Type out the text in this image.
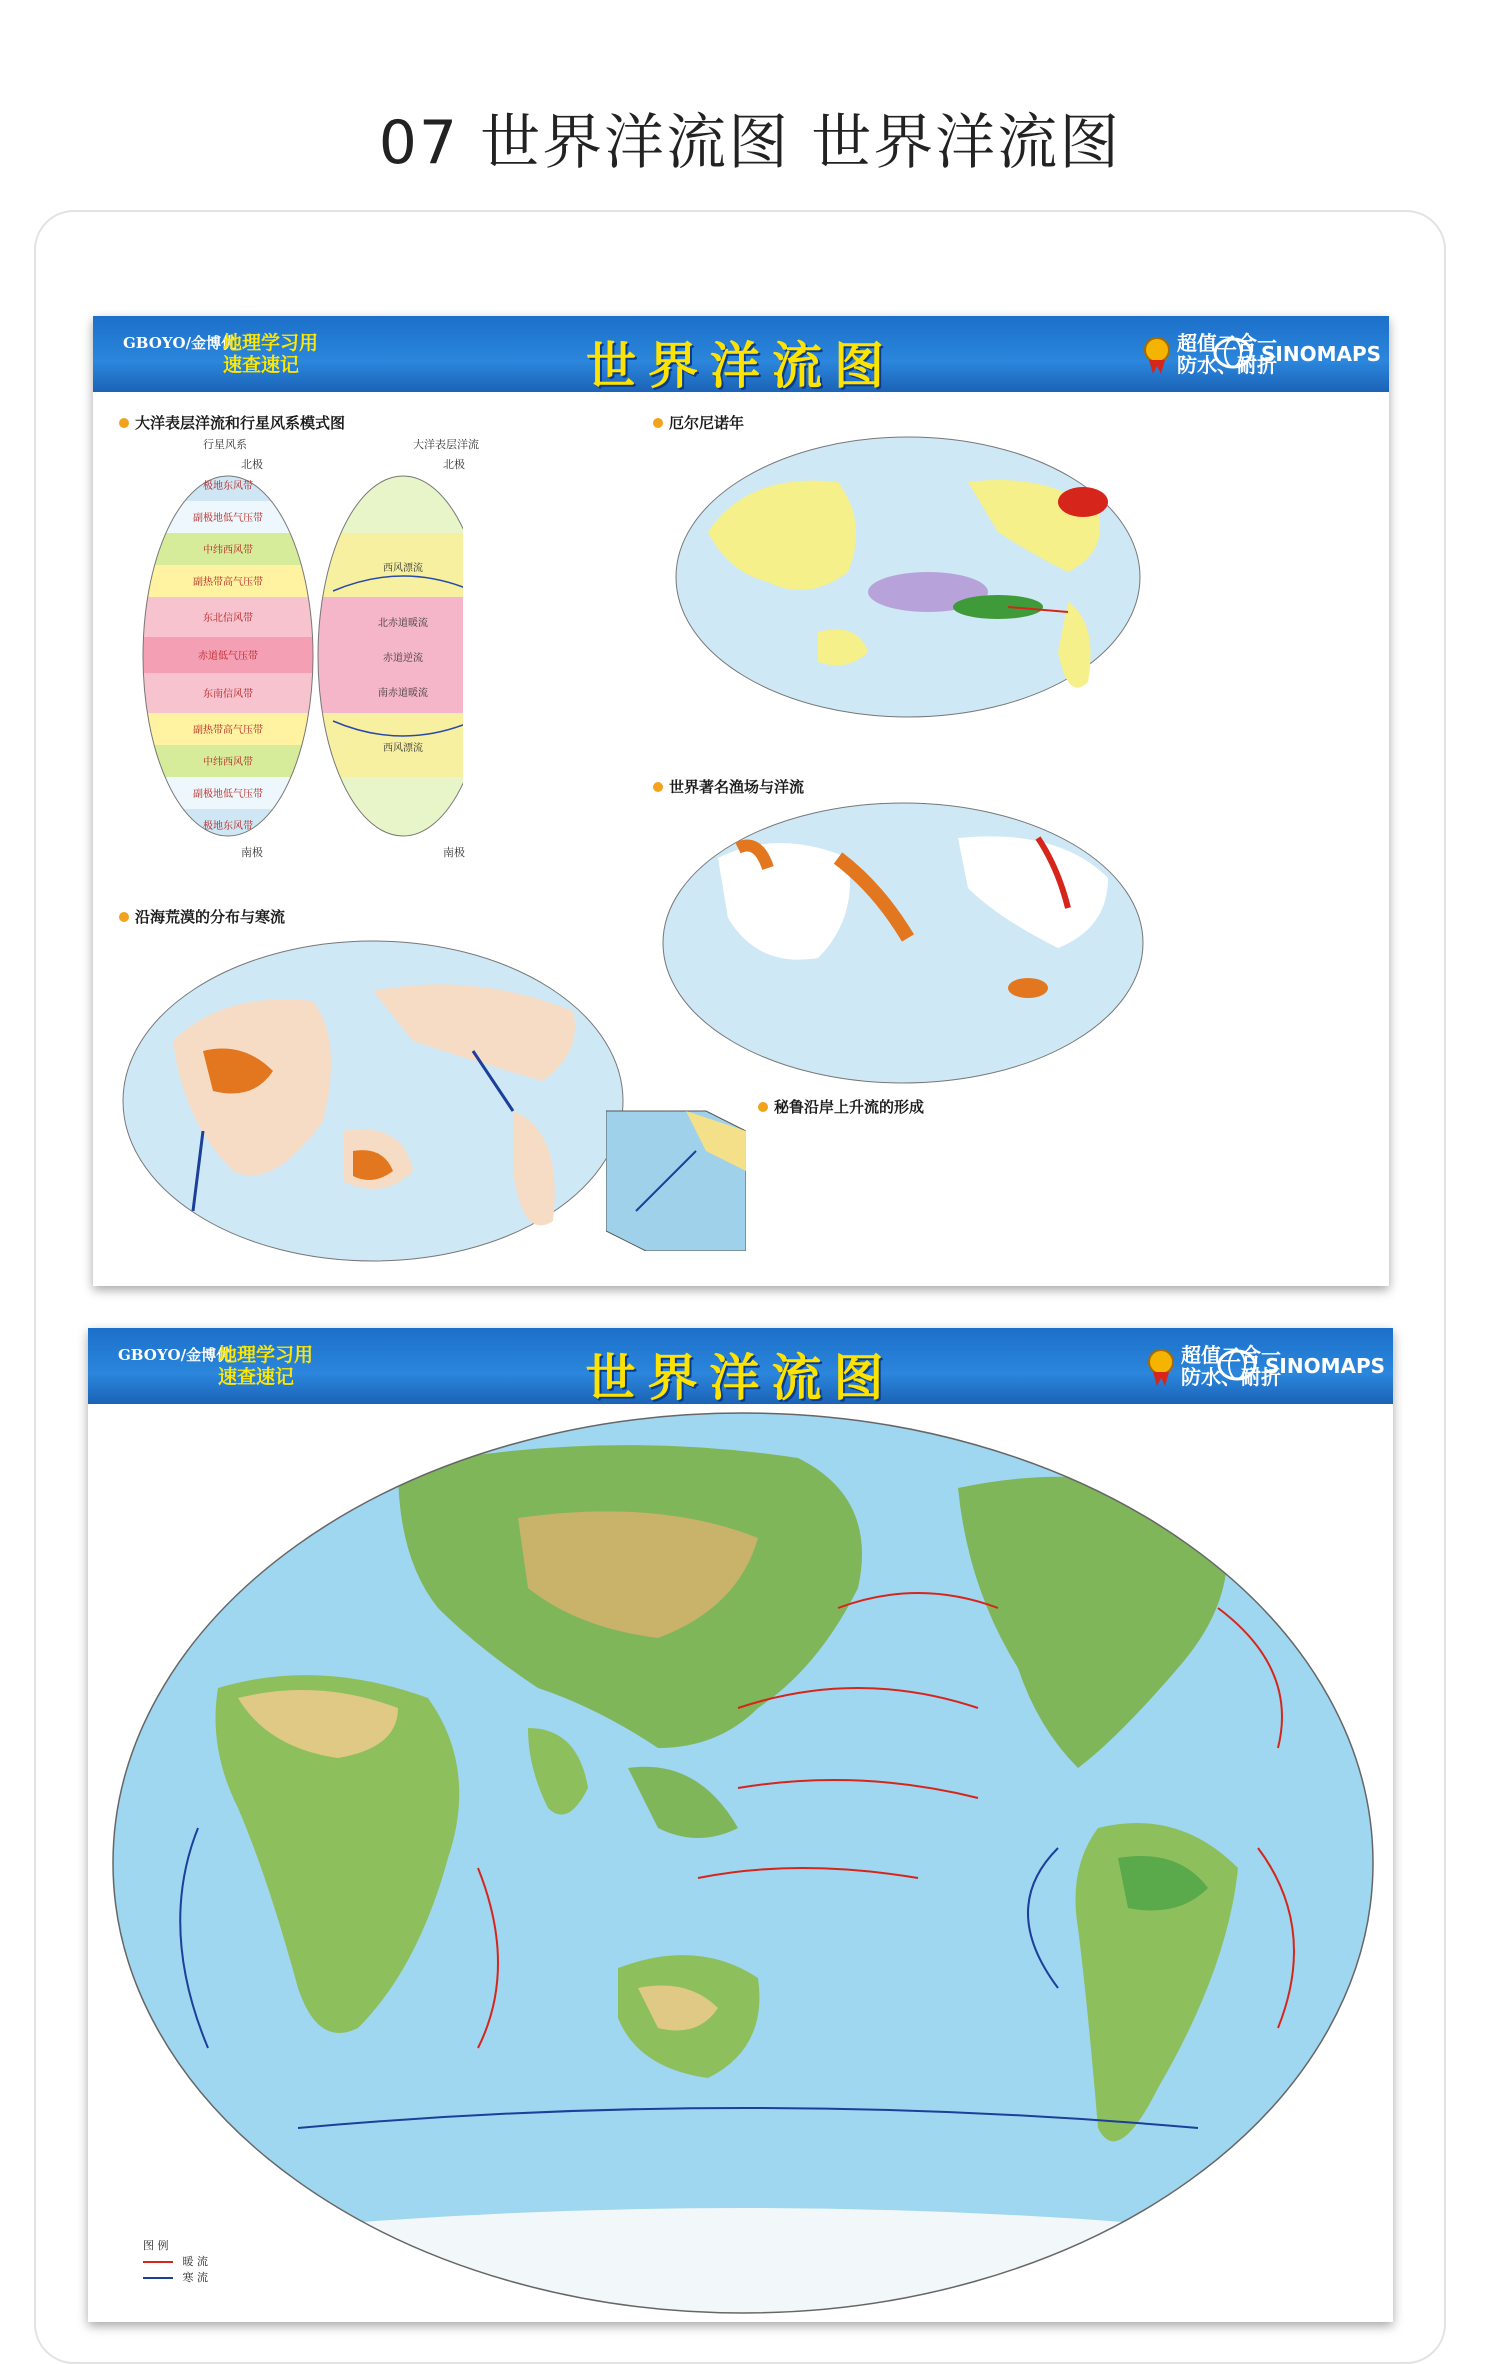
07 世界洋流图 世界洋流图
GBOYO/金博优
地理学习用
速查速记	世界洋流图	超值二合一
防水、耐折
SINOMAPS
大洋表层洋流和行星风系模式图
行星风系	大洋表层洋流
北极	北极
极地东风带
副极地低气压带
中纬西风带
副热带高气压带
东北信风带
赤道低气压带
东南信风带
副热带高气压带
中纬西风带
副极地低气压带
极地东风带
西风漂流
北赤道暖流
赤道逆流
南赤道暖流
西风漂流
南极	南极
厄尔尼诺年
沿海荒漠的分布与寒流
世界著名渔场与洋流
秘鲁沿岸上升流的形成
GBOYO/金博优
地理学习用
速查速记	世界洋流图	超值二合一
防水、耐折
SINOMAPS
图 例
暖 流
寒 流
